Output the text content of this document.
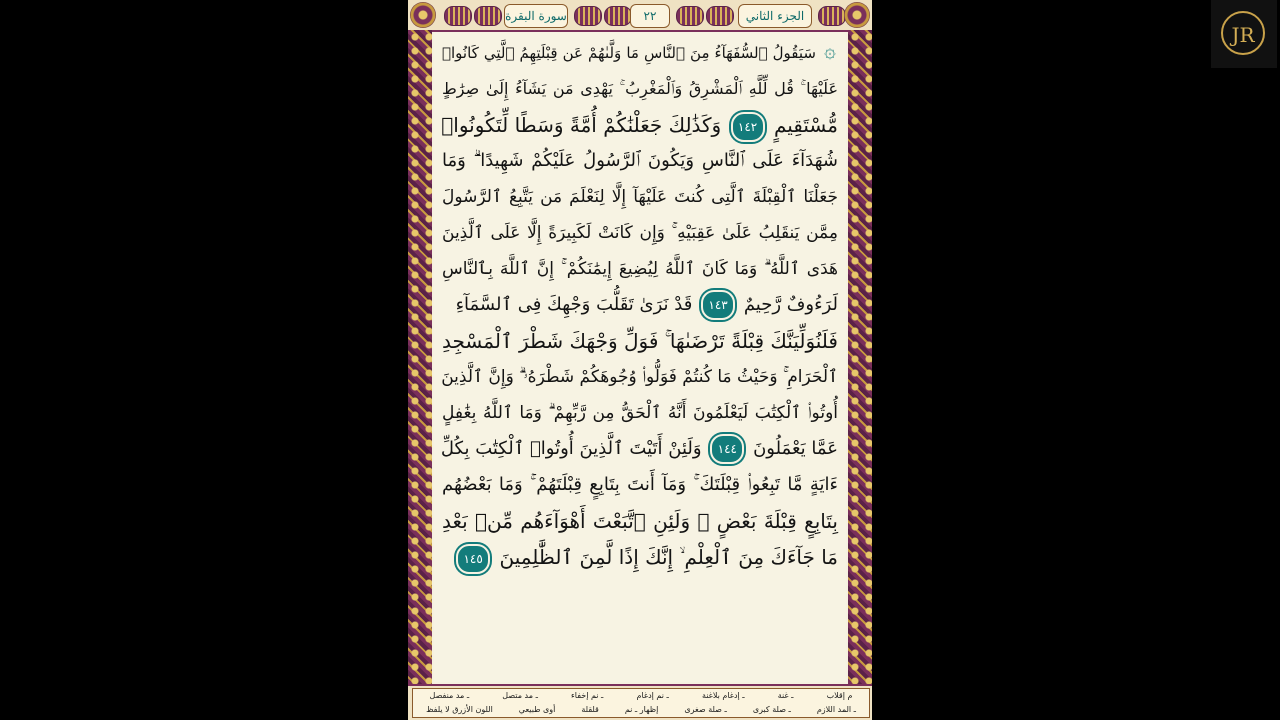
سورة البقرة	٢٢	الجزء الثاني
۞
سَيَقُولُ ٱلسُّفَهَآءُ مِنَ ٱلنَّاسِ مَا وَلَّىٰهُمْ عَن قِبْلَتِهِمُ ٱلَّتِي كَانُوا۟
عَلَيْهَا ۚ قُل لِّلَّهِ ٱلْمَشْرِقُ وَٱلْمَغْرِبُ ۚ يَهْدِى مَن يَشَآءُ إِلَىٰ صِرَٰطٍ
مُّسْتَقِيمٍ ١٤٢ وَكَذَٰلِكَ جَعَلْنَٰكُمْ أُمَّةً وَسَطًا لِّتَكُونُوا۟
شُهَدَآءَ عَلَى ٱلنَّاسِ وَيَكُونَ ٱلرَّسُولُ عَلَيْكُمْ شَهِيدًا ۗ وَمَا
جَعَلْنَا ٱلْقِبْلَةَ ٱلَّتِى كُنتَ عَلَيْهَآ إِلَّا لِنَعْلَمَ مَن يَتَّبِعُ ٱلرَّسُولَ
مِمَّن يَنقَلِبُ عَلَىٰ عَقِبَيْهِ ۚ وَإِن كَانَتْ لَكَبِيرَةً إِلَّا عَلَى ٱلَّذِينَ
هَدَى ٱللَّهُ ۗ وَمَا كَانَ ٱللَّهُ لِيُضِيعَ إِيمَٰنَكُمْ ۚ إِنَّ ٱللَّهَ بِٱلنَّاسِ
لَرَءُوفٌ رَّحِيمٌ ١٤٣ قَدْ نَرَىٰ تَقَلُّبَ وَجْهِكَ فِى ٱلسَّمَآءِ
فَلَنُوَلِّيَنَّكَ قِبْلَةً تَرْضَىٰهَا ۚ فَوَلِّ وَجْهَكَ شَطْرَ ٱلْمَسْجِدِ
ٱلْحَرَامِ ۚ وَحَيْثُ مَا كُنتُمْ فَوَلُّوا۟ وُجُوهَكُمْ شَطْرَهُۥ ۗ وَإِنَّ ٱلَّذِينَ
أُوتُوا۟ ٱلْكِتَٰبَ لَيَعْلَمُونَ أَنَّهُ ٱلْحَقُّ مِن رَّبِّهِمْ ۗ وَمَا ٱللَّهُ بِغَٰفِلٍ
عَمَّا يَعْمَلُونَ ١٤٤ وَلَئِنْ أَتَيْتَ ٱلَّذِينَ أُوتُوا۟ ٱلْكِتَٰبَ بِكُلِّ
ءَايَةٍ مَّا تَبِعُوا۟ قِبْلَتَكَ ۚ وَمَآ أَنتَ بِتَابِعٍ قِبْلَتَهُمْ ۚ وَمَا بَعْضُهُم
بِتَابِعٍ قِبْلَةَ بَعْضٍ ۚ وَلَئِنِ ٱتَّبَعْتَ أَهْوَآءَهُم مِّنۢ بَعْدِ
مَا جَآءَكَ مِنَ ٱلْعِلْمِ ۙ إِنَّكَ إِذًا لَّمِنَ ٱلظَّٰلِمِينَ ١٤٥
م إقلاب
ـ غنة
ـ إدغام بلاغنة
ـ نم إدغام
ـ نم إخفاء
ـ مد متصل
ـ مد منفصل
ـ المد اللازم
ـ صلة كبرى
ـ صلة صغرى
إظهار ـ نم
قلقلة
أوى طبيعي
اللون الأزرق لا يلفظ
JR
